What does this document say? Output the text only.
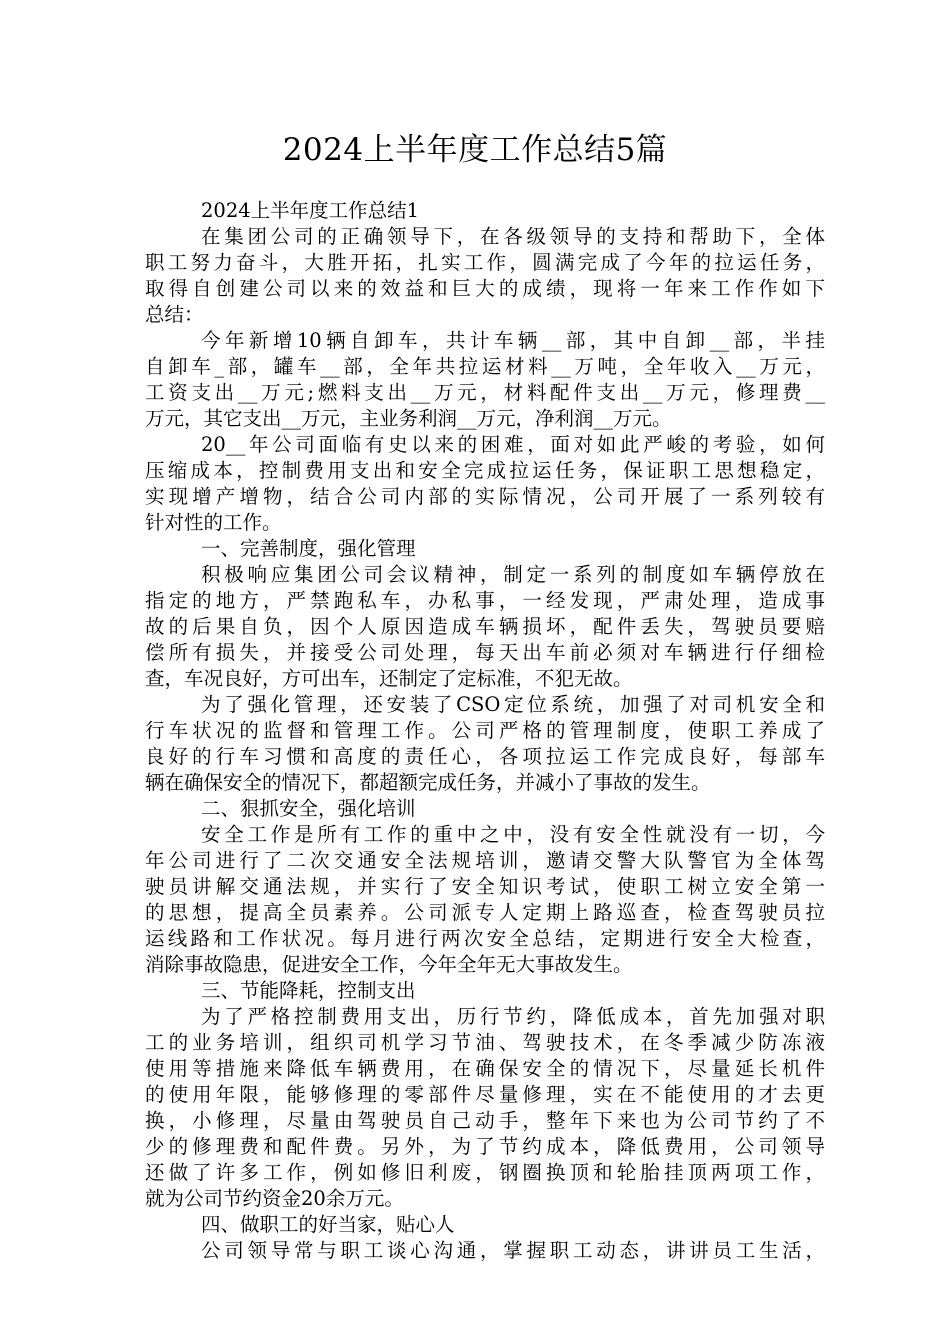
2024上半年度工作总结5篇

2024上半年度工作总结1

在集团公司的正确领导下，在各级领导的支持和帮助下，全体

职工努力奋斗，大胜开拓，扎实工作，圆满完成了今年的拉运任务，

取得自创建公司以来的效益和巨大的成绩，现将一年来工作作如下

总结：

今年新增10辆自卸车，共计车辆__部，其中自卸__部，半挂

自卸车_部，罐车__部，全年共拉运材料__万吨，全年收入__万元，

工资支出__万元;燃料支出__万元，材料配件支出__万元，修理费__

万元，其它支出__万元，主业务利润__万元，净利润__万元。

20__年公司面临有史以来的困难，面对如此严峻的考验，如何

压缩成本，控制费用支出和安全完成拉运任务，保证职工思想稳定，

实现增产增物，结合公司内部的实际情况，公司开展了一系列较有

针对性的工作。

一、完善制度，强化管理

积极响应集团公司会议精神，制定一系列的制度如车辆停放在

指定的地方，严禁跑私车，办私事，一经发现，严肃处理，造成事

故的后果自负，因个人原因造成车辆损坏，配件丢失，驾驶员要赔

偿所有损失，并接受公司处理，每天出车前必须对车辆进行仔细检

查，车况良好，方可出车，还制定了定标准，不犯无故。

为了强化管理，还安装了CSO定位系统，加强了对司机安全和

行车状况的监督和管理工作。公司严格的管理制度，使职工养成了

良好的行车习惯和高度的责任心，各项拉运工作完成良好，每部车

辆在确保安全的情况下，都超额完成任务，并减小了事故的发生。

二、狠抓安全，强化培训

安全工作是所有工作的重中之中，没有安全性就没有一切，今

年公司进行了二次交通安全法规培训，邀请交警大队警官为全体驾

驶员讲解交通法规，并实行了安全知识考试，使职工树立安全第一

的思想，提高全员素养。公司派专人定期上路巡查，检查驾驶员拉

运线路和工作状况。每月进行两次安全总结，定期进行安全大检查，

消除事故隐患，促进安全工作，今年全年无大事故发生。

三、节能降耗，控制支出

为了严格控制费用支出，历行节约，降低成本，首先加强对职

工的业务培训，组织司机学习节油、驾驶技术，在冬季减少防冻液

使用等措施来降低车辆费用，在确保安全的情况下，尽量延长机件

的使用年限，能够修理的零部件尽量修理，实在不能使用的才去更

换，小修理，尽量由驾驶员自己动手，整年下来也为公司节约了不

少的修理费和配件费。另外，为了节约成本，降低费用，公司领导

还做了许多工作，例如修旧利废，钢圈换顶和轮胎挂顶两项工作，

就为公司节约资金20余万元。

四、做职工的好当家，贴心人

公司领导常与职工谈心沟通，掌握职工动态，讲讲员工生活，
